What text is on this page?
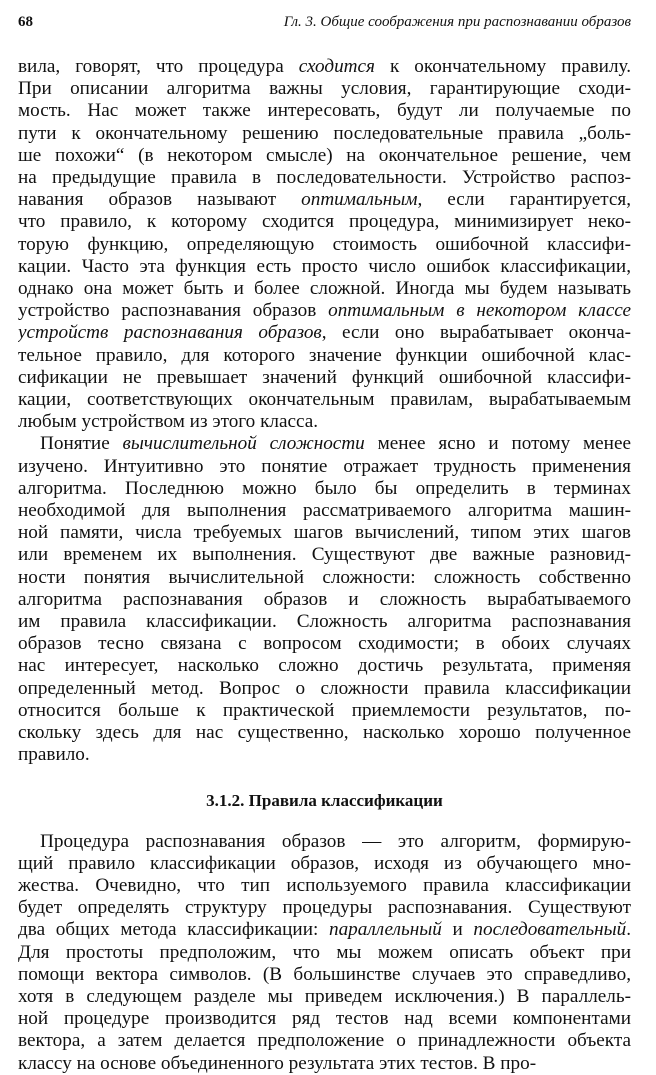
68	Гл. 3. Общие соображения при распознавании образов
вила, говорят, что процедура сходится к окончательному правилу.
При описании алгоритма важны условия, гарантирующие сходи-
мость. Нас может также интересовать, будут ли получаемые по
пути к окончательному решению последовательные правила „боль-
ше похожи“ (в некотором смысле) на окончательное решение, чем
на предыдущие правила в последовательности. Устройство распоз-
навания образов называют оптимальным, если гарантируется,
что правило, к которому сходится процедура, минимизирует неко-
торую функцию, определяющую стоимость ошибочной классифи-
кации. Часто эта функция есть просто число ошибок классификации,
однако она может быть и более сложной. Иногда мы будем называть
устройство распознавания образов оптимальным в некотором классе
устройств распознавания образов, если оно вырабатывает оконча-
тельное правило, для которого значение функции ошибочной клас-
сификации не превышает значений функций ошибочной классифи-
кации, соответствующих окончательным правилам, вырабатываемым
любым устройством из этого класса.
Понятие вычислительной сложности менее ясно и потому менее
изучено. Интуитивно это понятие отражает трудность применения
алгоритма. Последнюю можно было бы определить в терминах
необходимой для выполнения рассматриваемого алгоритма машин-
ной памяти, числа требуемых шагов вычислений, типом этих шагов
или временем их выполнения. Существуют две важные разновид-
ности понятия вычислительной сложности: сложность собственно
алгоритма распознавания образов и сложность вырабатываемого
им правила классификации. Сложность алгоритма распознавания
образов тесно связана с вопросом сходимости; в обоих случаях
нас интересует, насколько сложно достичь результата, применяя
определенный метод. Вопрос о сложности правила классификации
относится больше к практической приемлемости результатов, по-
скольку здесь для нас существенно, насколько хорошо полученное
правило.
3.1.2. Правила классификации
Процедура распознавания образов — это алгоритм, формирую-
щий правило классификации образов, исходя из обучающего мно-
жества. Очевидно, что тип используемого правила классификации
будет определять структуру процедуры распознавания. Существуют
два общих метода классификации: параллельный и последовательный.
Для простоты предположим, что мы можем описать объект при
помощи вектора символов. (В большинстве случаев это справедливо,
хотя в следующем разделе мы приведем исключения.) В параллель-
ной процедуре производится ряд тестов над всеми компонентами
вектора, а затем делается предположение о принадлежности объекта
классу на основе объединенного результата этих тестов. В про-
